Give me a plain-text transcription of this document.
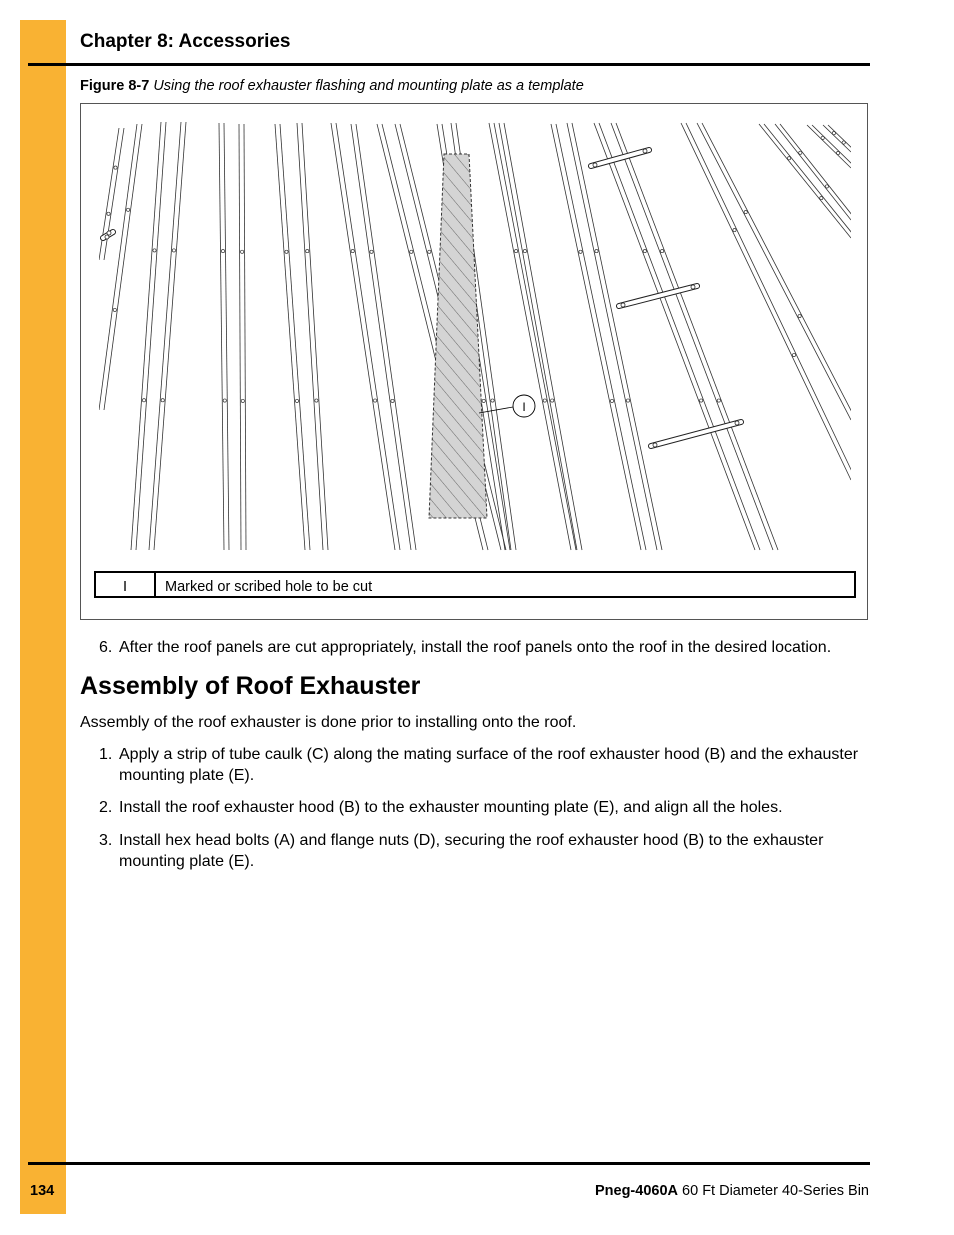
Chapter 8: Accessories
Figure 8-7 Using the roof exhauster flashing and mounting plate as a template
I
I	Marked or scribed hole to be cut
6. After the roof panels are cut appropriately, install the roof panels onto the roof in the desired location.
Assembly of Roof Exhauster
Assembly of the roof exhauster is done prior to installing onto the roof.
1. Apply a strip of tube caulk (C) along the mating surface of the roof exhauster hood (B) and the exhauster mounting plate (E).
2. Install the roof exhauster hood (B) to the exhauster mounting plate (E), and align all the holes.
3. Install hex head bolts (A) and flange nuts (D), securing the roof exhauster hood (B) to the exhauster mounting plate (E).
134	Pneg-4060A 60 Ft Diameter 40-Series Bin
